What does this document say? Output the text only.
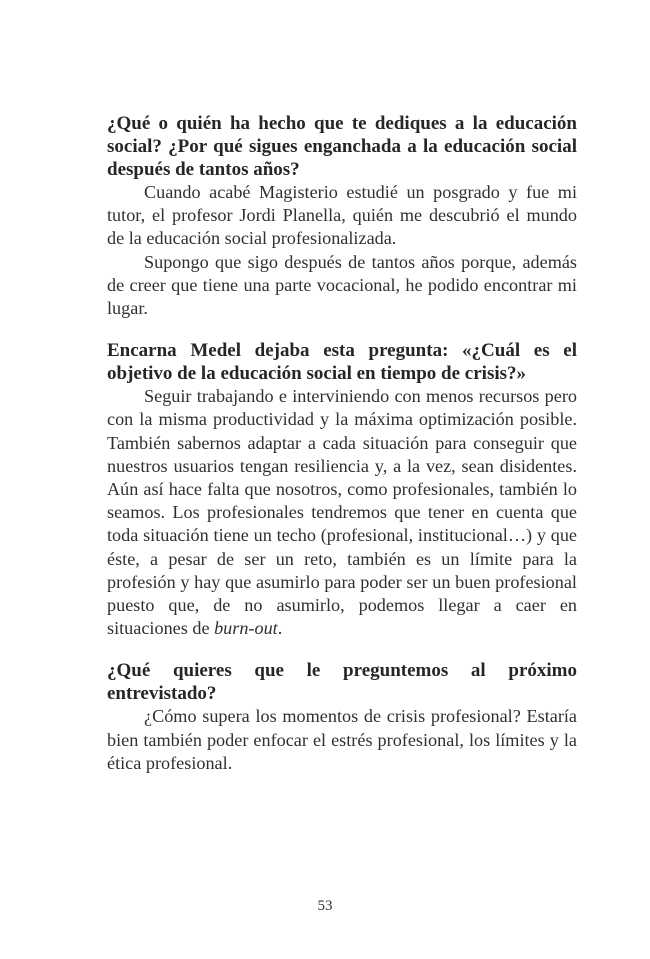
¿Qué o quién ha hecho que te dediques a la educación social? ¿Por qué sigues enganchada a la educación social después de tantos años?

Cuando acabé Magisterio estudié un posgrado y fue mi tutor, el profesor Jordi Planella, quién me descubrió el mundo de la educación social profesionalizada.

Supongo que sigo después de tantos años porque, además de creer que tiene una parte vocacional, he podido encontrar mi lugar.

Encarna Medel dejaba esta pregunta: «¿Cuál es el objetivo de la educación social en tiempo de crisis?»

Seguir trabajando e interviniendo con menos recursos pero con la misma productividad y la máxima optimización posible. También sabernos adaptar a cada situación para conseguir que nuestros usuarios tengan resiliencia y, a la vez, sean disidentes. Aún así hace falta que nosotros, como profesionales, también lo seamos. Los profesionales tendremos que tener en cuenta que toda situación tiene un techo (profesional, institucional…) y que éste, a pesar de ser un reto, también es un límite para la profesión y hay que asumirlo para poder ser un buen profesional puesto que, de no asumirlo, podemos llegar a caer en situaciones de burn-out.

¿Qué quieres que le preguntemos al próximo entrevistado?

¿Cómo supera los momentos de crisis profesional? Estaría bien también poder enfocar el estrés profesional, los límites y la ética profesional.

53
